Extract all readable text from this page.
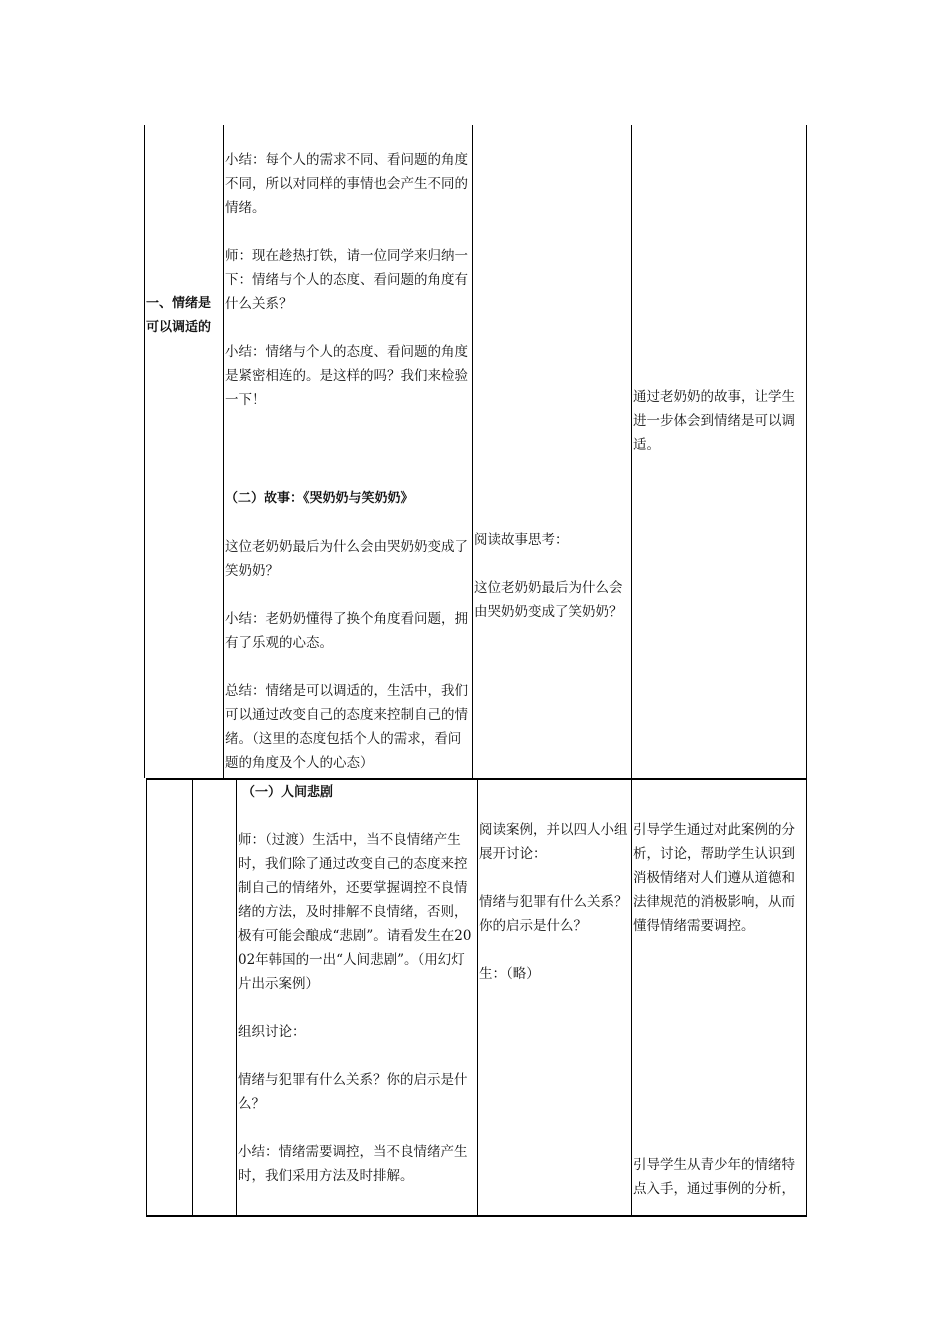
一、情绪是可以调适的

小结：每个人的需求不同、看问题的角度不同，所以对同样的事情也会产生不同的情绪。

师：现在趁热打铁，请一位同学来归纳一下：情绪与个人的态度、看问题的角度有什么关系？

小结：情绪与个人的态度、看问题的角度是紧密相连的。是这样的吗？我们来检验一下！

（二）故事：《哭奶奶与笑奶奶》

这位老奶奶最后为什么会由哭奶奶变成了笑奶奶？

小结：老奶奶懂得了换个角度看问题，拥有了乐观的心态。

总结：情绪是可以调适的，生活中，我们可以通过改变自己的态度来控制自己的情绪。（这里的态度包括个人的需求，看问题的角度及个人的心态）

阅读故事思考：

这位老奶奶最后为什么会由哭奶奶变成了笑奶奶？

通过老奶奶的故事，让学生进一步体会到情绪是可以调适。
（一）人间悲剧

师：（过渡）生活中，当不良情绪产生时，我们除了通过改变自己的态度来控制自己的情绪外，还要掌握调控不良情绪的方法，及时排解不良情绪，否则，极有可能会酿成“悲剧”。请看发生在2002年韩国的一出“人间悲剧”。（用幻灯片出示案例）

组织讨论：

情绪与犯罪有什么关系？你的启示是什么？

小结：情绪需要调控，当不良情绪产生时，我们采用方法及时排解。

阅读案例，并以四人小组展开讨论：

情绪与犯罪有什么关系？你的启示是什么？

生：（略）

引导学生通过对此案例的分析，讨论，帮助学生认识到消极情绪对人们遵从道德和法律规范的消极影响，从而懂得情绪需要调控。
引导学生从青少年的情绪特点入手，通过事例的分析，
